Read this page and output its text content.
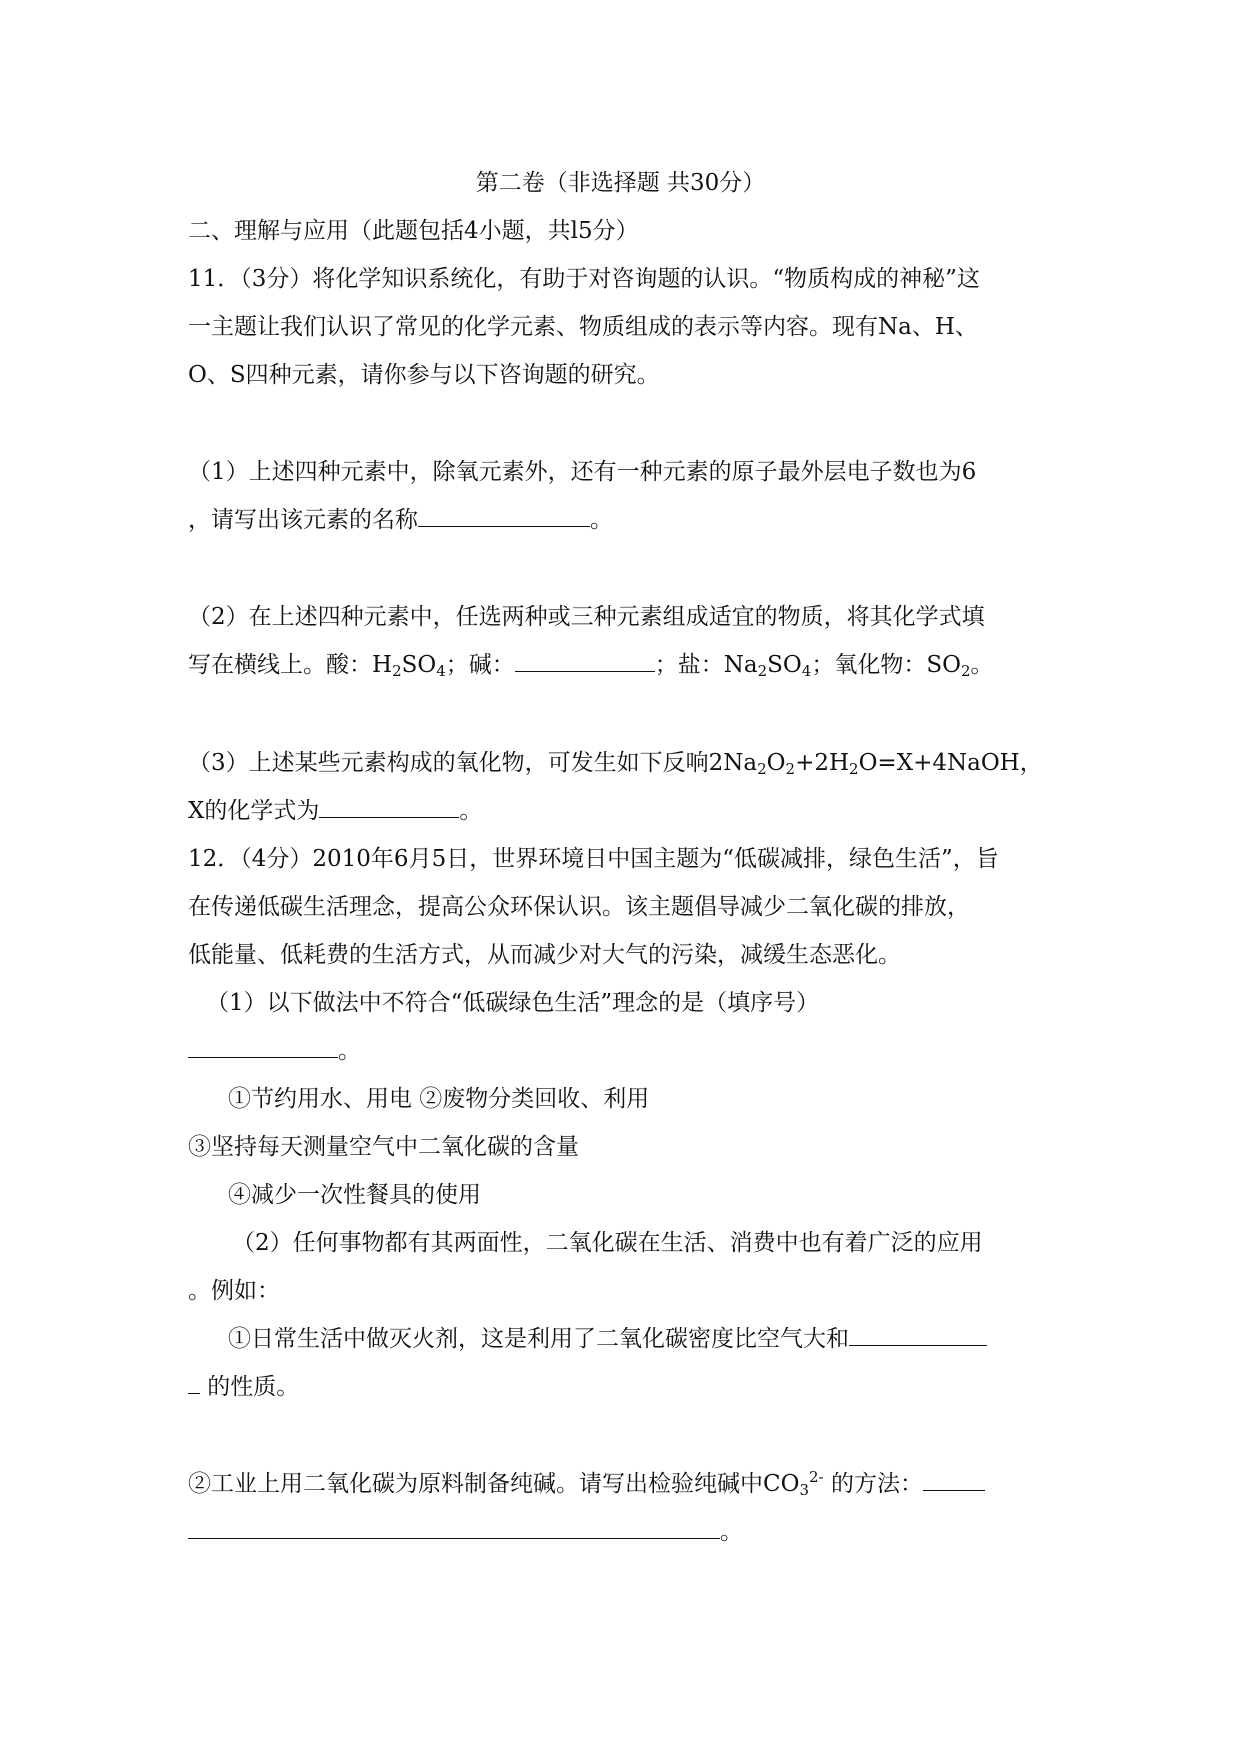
第二卷（非选择题 共30分）
二、理解与应用（此题包括4小题，共l5分）
11．（3分）将化学知识系统化，有助于对咨询题的认识。“物质构成的神秘”这
一主题让我们认识了常见的化学元素、物质组成的表示等内容。现有Na、H、
O、S四种元素，请你参与以下咨询题的研究。
（1）上述四种元素中，除氧元素外，还有一种元素的原子最外层电子数也为6
，请写出该元素的名称	。
（2）在上述四种元素中，任选两种或三种元素组成适宜的物质，将其化学式填
写在横线上。酸：$H_2SO_4$；碱：	；盐：$Na_2SO_4$；氧化物：$SO_2$。
（3）上述某些元素构成的氧化物，可发生如下反响$2Na_2O_2+2H_2O=X+4NaOH$，
X的化学式为	。
12．（4分）2010年6月5日，世界环境日中国主题为“低碳减排，绿色生活”，旨
在传递低碳生活理念，提高公众环保认识。该主题倡导减少二氧化碳的排放，
低能量、低耗费的生活方式，从而减少对大气的污染，减缓生态恶化。
（1）以下做法中不符合“低碳绿色生活”理念的是（填序号）
。
①节约用水、用电 ②废物分类回收、利用
③坚持每天测量空气中二氧化碳的含量
④减少一次性餐具的使用
（2）任何事物都有其两面性，二氧化碳在生活、消费中也有着广泛的应用
。例如：
①日常生活中做灭火剂，这是利用了二氧化碳密度比空气大和
的性质。
②工业上用二氧化碳为原料制备纯碱。请写出检验纯碱中$CO_3^{2-}$ 的方法：
。
